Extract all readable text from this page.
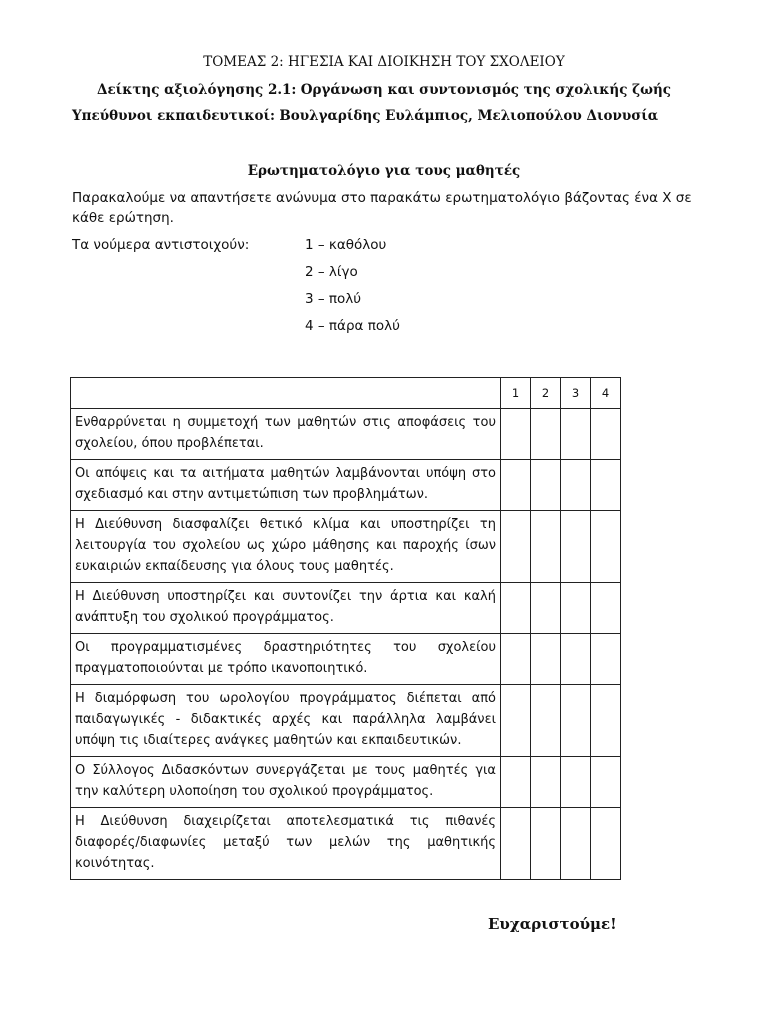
ΤΟΜΕΑΣ 2: ΗΓΕΣΙΑ ΚΑΙ ΔΙΟΙΚΗΣΗ ΤΟΥ ΣΧΟΛΕΙΟΥ
Δείκτης αξιολόγησης 2.1: Οργάνωση και συντονισμός της σχολικής ζωής
Υπεύθυνοι εκπαιδευτικοί: Βουλγαρίδης Ευλάμπιος, Μελιοπούλου Διονυσία
Ερωτηματολόγιο για τους μαθητές
Παρακαλούμε να απαντήσετε ανώνυμα στο παρακάτω ερωτηματολόγιο βάζοντας ένα Χ σε κάθε ερώτηση.
Τα νούμερα αντιστοιχούν:	1 – καθόλου
2 – λίγο
3 – πολύ
4 – πάρα πολύ
	1	2	3	4
Ενθαρρύνεται η συμμετοχή των μαθητών στις αποφάσεις του σχολείου, όπου προβλέπεται.				
Οι απόψεις και τα αιτήματα μαθητών λαμβάνονται υπόψη στο σχεδιασμό και στην αντιμετώπιση των προβλημάτων.				
Η Διεύθυνση διασφαλίζει θετικό κλίμα και υποστηρίζει τη λειτουργία του σχολείου ως χώρο μάθησης και παροχής ίσων ευκαιριών εκπαίδευσης για όλους τους μαθητές.				
Η Διεύθυνση υποστηρίζει και συντονίζει την άρτια και καλή ανάπτυξη του σχολικού προγράμματος.				
Οι προγραμματισμένες δραστηριότητες του σχολείου πραγματοποιούνται με τρόπο ικανοποιητικό.				
Η διαμόρφωση του ωρολογίου προγράμματος διέπεται από παιδαγωγικές - διδακτικές αρχές και παράλληλα λαμβάνει υπόψη τις ιδιαίτερες ανάγκες μαθητών και εκπαιδευτικών.				
Ο Σύλλογος Διδασκόντων συνεργάζεται με τους μαθητές για την καλύτερη υλοποίηση του σχολικού προγράμματος.				
Η Διεύθυνση διαχειρίζεται αποτελεσματικά τις πιθανές διαφορές/διαφωνίες μεταξύ των μελών της μαθητικής κοινότητας.				
Ευχαριστούμε!
